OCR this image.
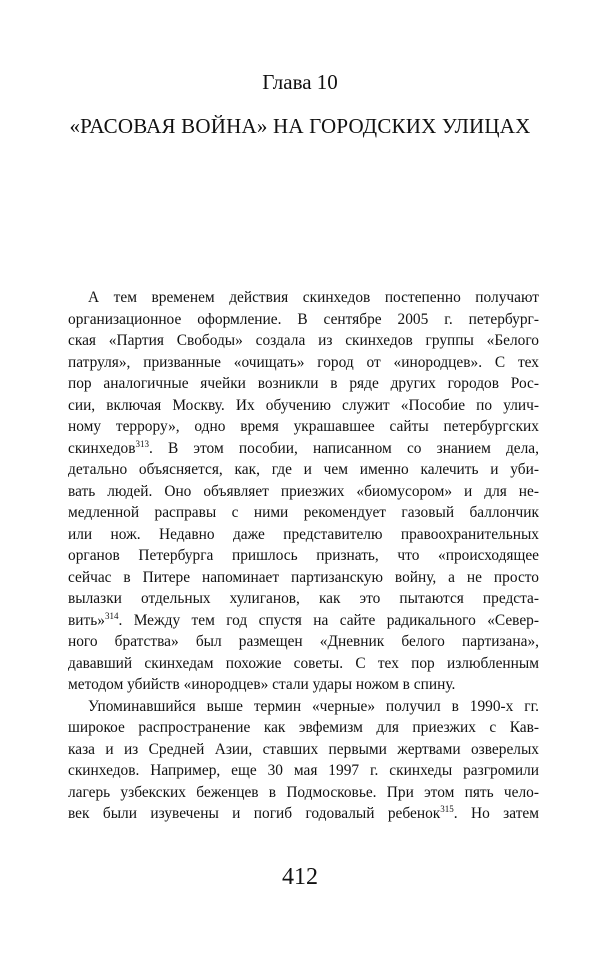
Глава 10
«РАСОВАЯ ВОЙНА» НА ГОРОДСКИХ УЛИЦАХ
А тем временем действия скинхедов постепенно получают
организационное оформление. В сентябре 2005 г. петербург-
ская «Партия Свободы» создала из скинхедов группы «Белого
патруля», призванные «очищать» город от «инородцев». С тех
пор аналогичные ячейки возникли в ряде других городов Рос-
сии, включая Москву. Их обучению служит «Пособие по улич-
ному террору», одно время украшавшее сайты петербургских
скинхедов$^{313}$. В этом пособии, написанном со знанием дела,
детально объясняется, как, где и чем именно калечить и уби-
вать людей. Оно объявляет приезжих «биомусором» и для не-
медленной расправы с ними рекомендует газовый баллончик
или нож. Недавно даже представителю правоохранительных
органов Петербурга пришлось признать, что «происходящее
сейчас в Питере напоминает партизанскую войну, а не просто
вылазки отдельных хулиганов, как это пытаются предста-
вить»$^{314}$. Между тем год спустя на сайте радикального «Север-
ного братства» был размещен «Дневник белого партизана»,
дававший скинхедам похожие советы. С тех пор излюбленным
методом убийств «инородцев» стали удары ножом в спину.
Упоминавшийся выше термин «черные» получил в 1990-х гг.
широкое распространение как эвфемизм для приезжих с Кав-
каза и из Средней Азии, ставших первыми жертвами озверелых
скинхедов. Например, еще 30 мая 1997 г. скинхеды разгромили
лагерь узбекских беженцев в Подмосковье. При этом пять чело-
век были изувечены и погиб годовалый ребенок$^{315}$. Но затем
412
